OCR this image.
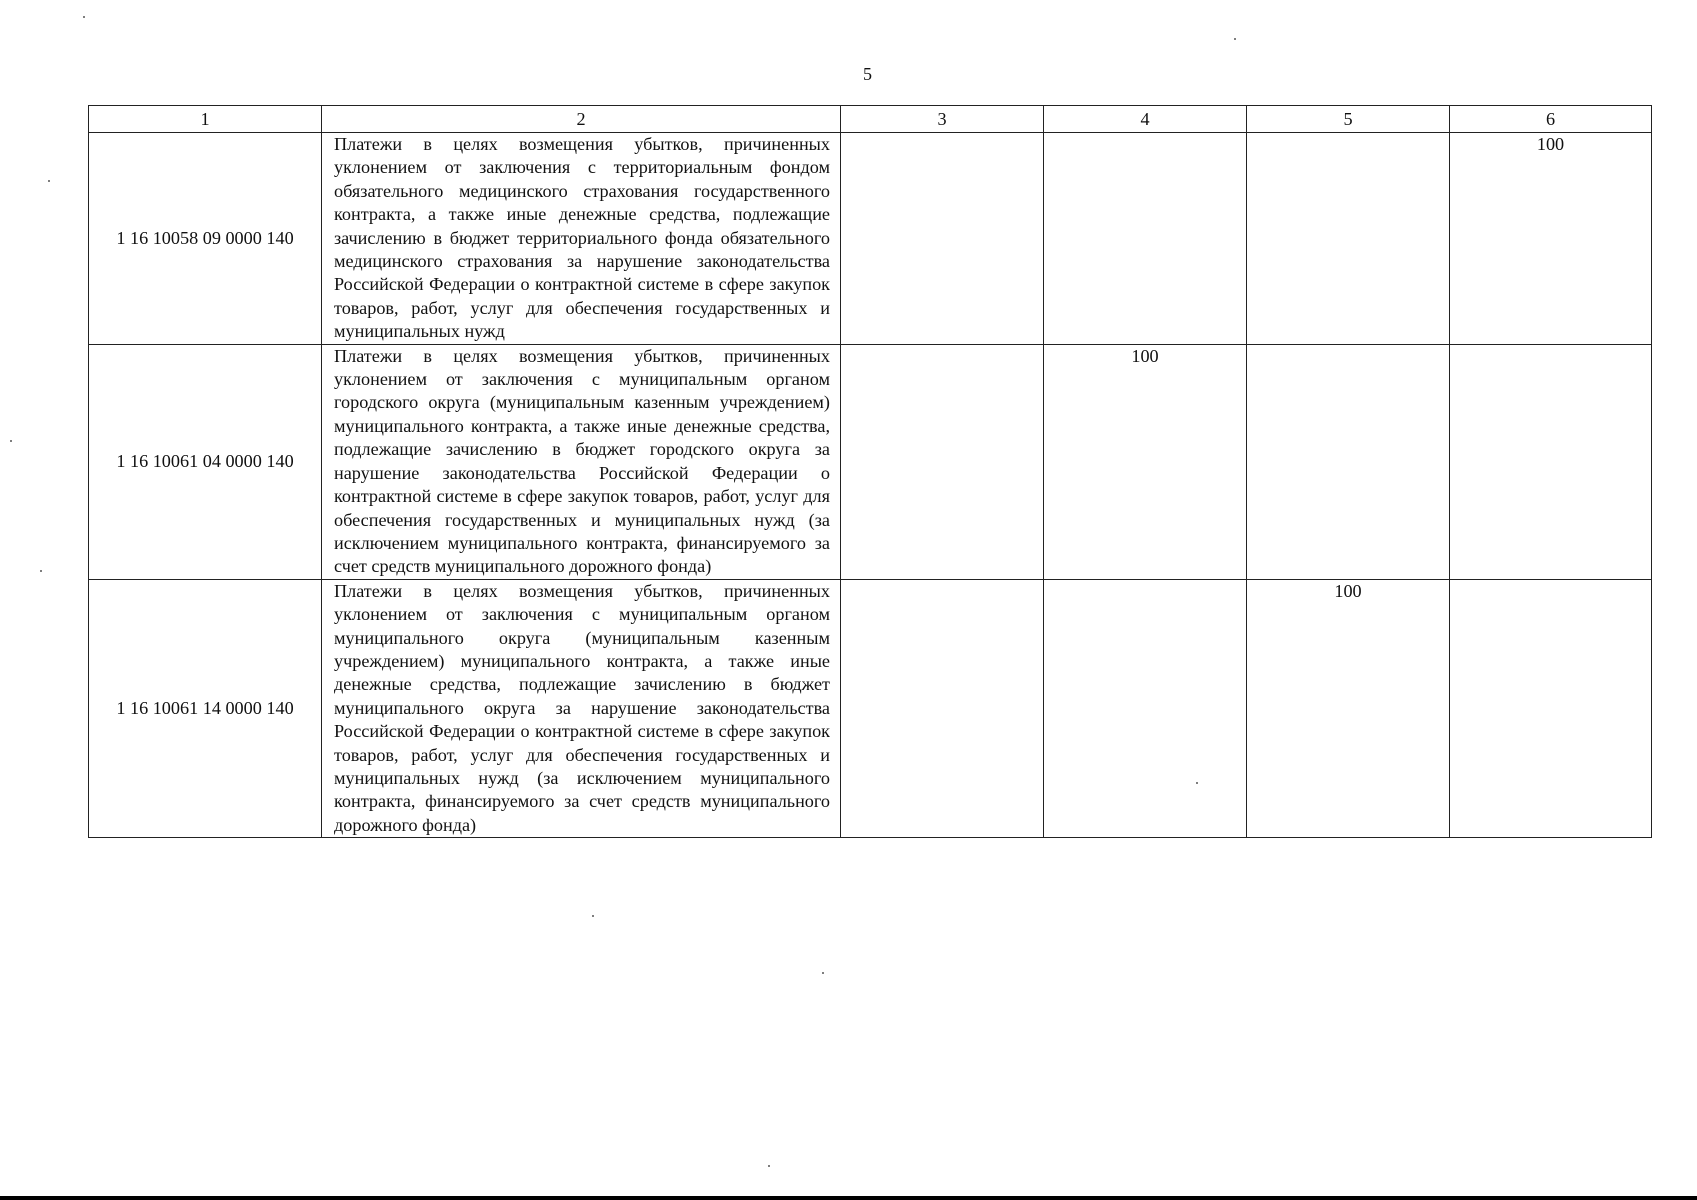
5
1	2	3	4	5	6
1 16 10058 09 0000 140	Платежи в целях возмещения убытков, причиненных уклонением от заключения с территориальным фондом обязательного медицинского страхования государственного контракта, а также иные денежные средства, подлежащие зачислению в бюджет территориального фонда обязательного медицинского страхования за нарушение законодательства Российской Федерации о контрактной системе в сфере закупок товаров, работ, услуг для обеспечения государственных и муниципальных нужд				100
1 16 10061 04 0000 140	Платежи в целях возмещения убытков, причиненных уклонением от заключения с муниципальным органом городского округа (муниципальным казенным учреждением) муниципального контракта, а также иные денежные средства, подлежащие зачислению в бюджет городского округа за нарушение законодательства Российской Федерации о контрактной системе в сфере закупок товаров, работ, услуг для обеспечения государственных и муниципальных нужд (за исключением муниципального контракта, финансируемого за счет средств муниципального дорожного фонда)		100		
1 16 10061 14 0000 140	Платежи в целях возмещения убытков, причиненных уклонением от заключения с муниципальным органом муниципального округа (муниципальным казенным учреждением) муниципального контракта, а также иные денежные средства, подлежащие зачислению в бюджет муниципального округа за нарушение законодательства Российской Федерации о контрактной системе в сфере закупок товаров, работ, услуг для обеспечения государственных и муниципальных нужд (за исключением муниципального контракта, финансируемого за счет средств муниципального дорожного фонда)			100	
